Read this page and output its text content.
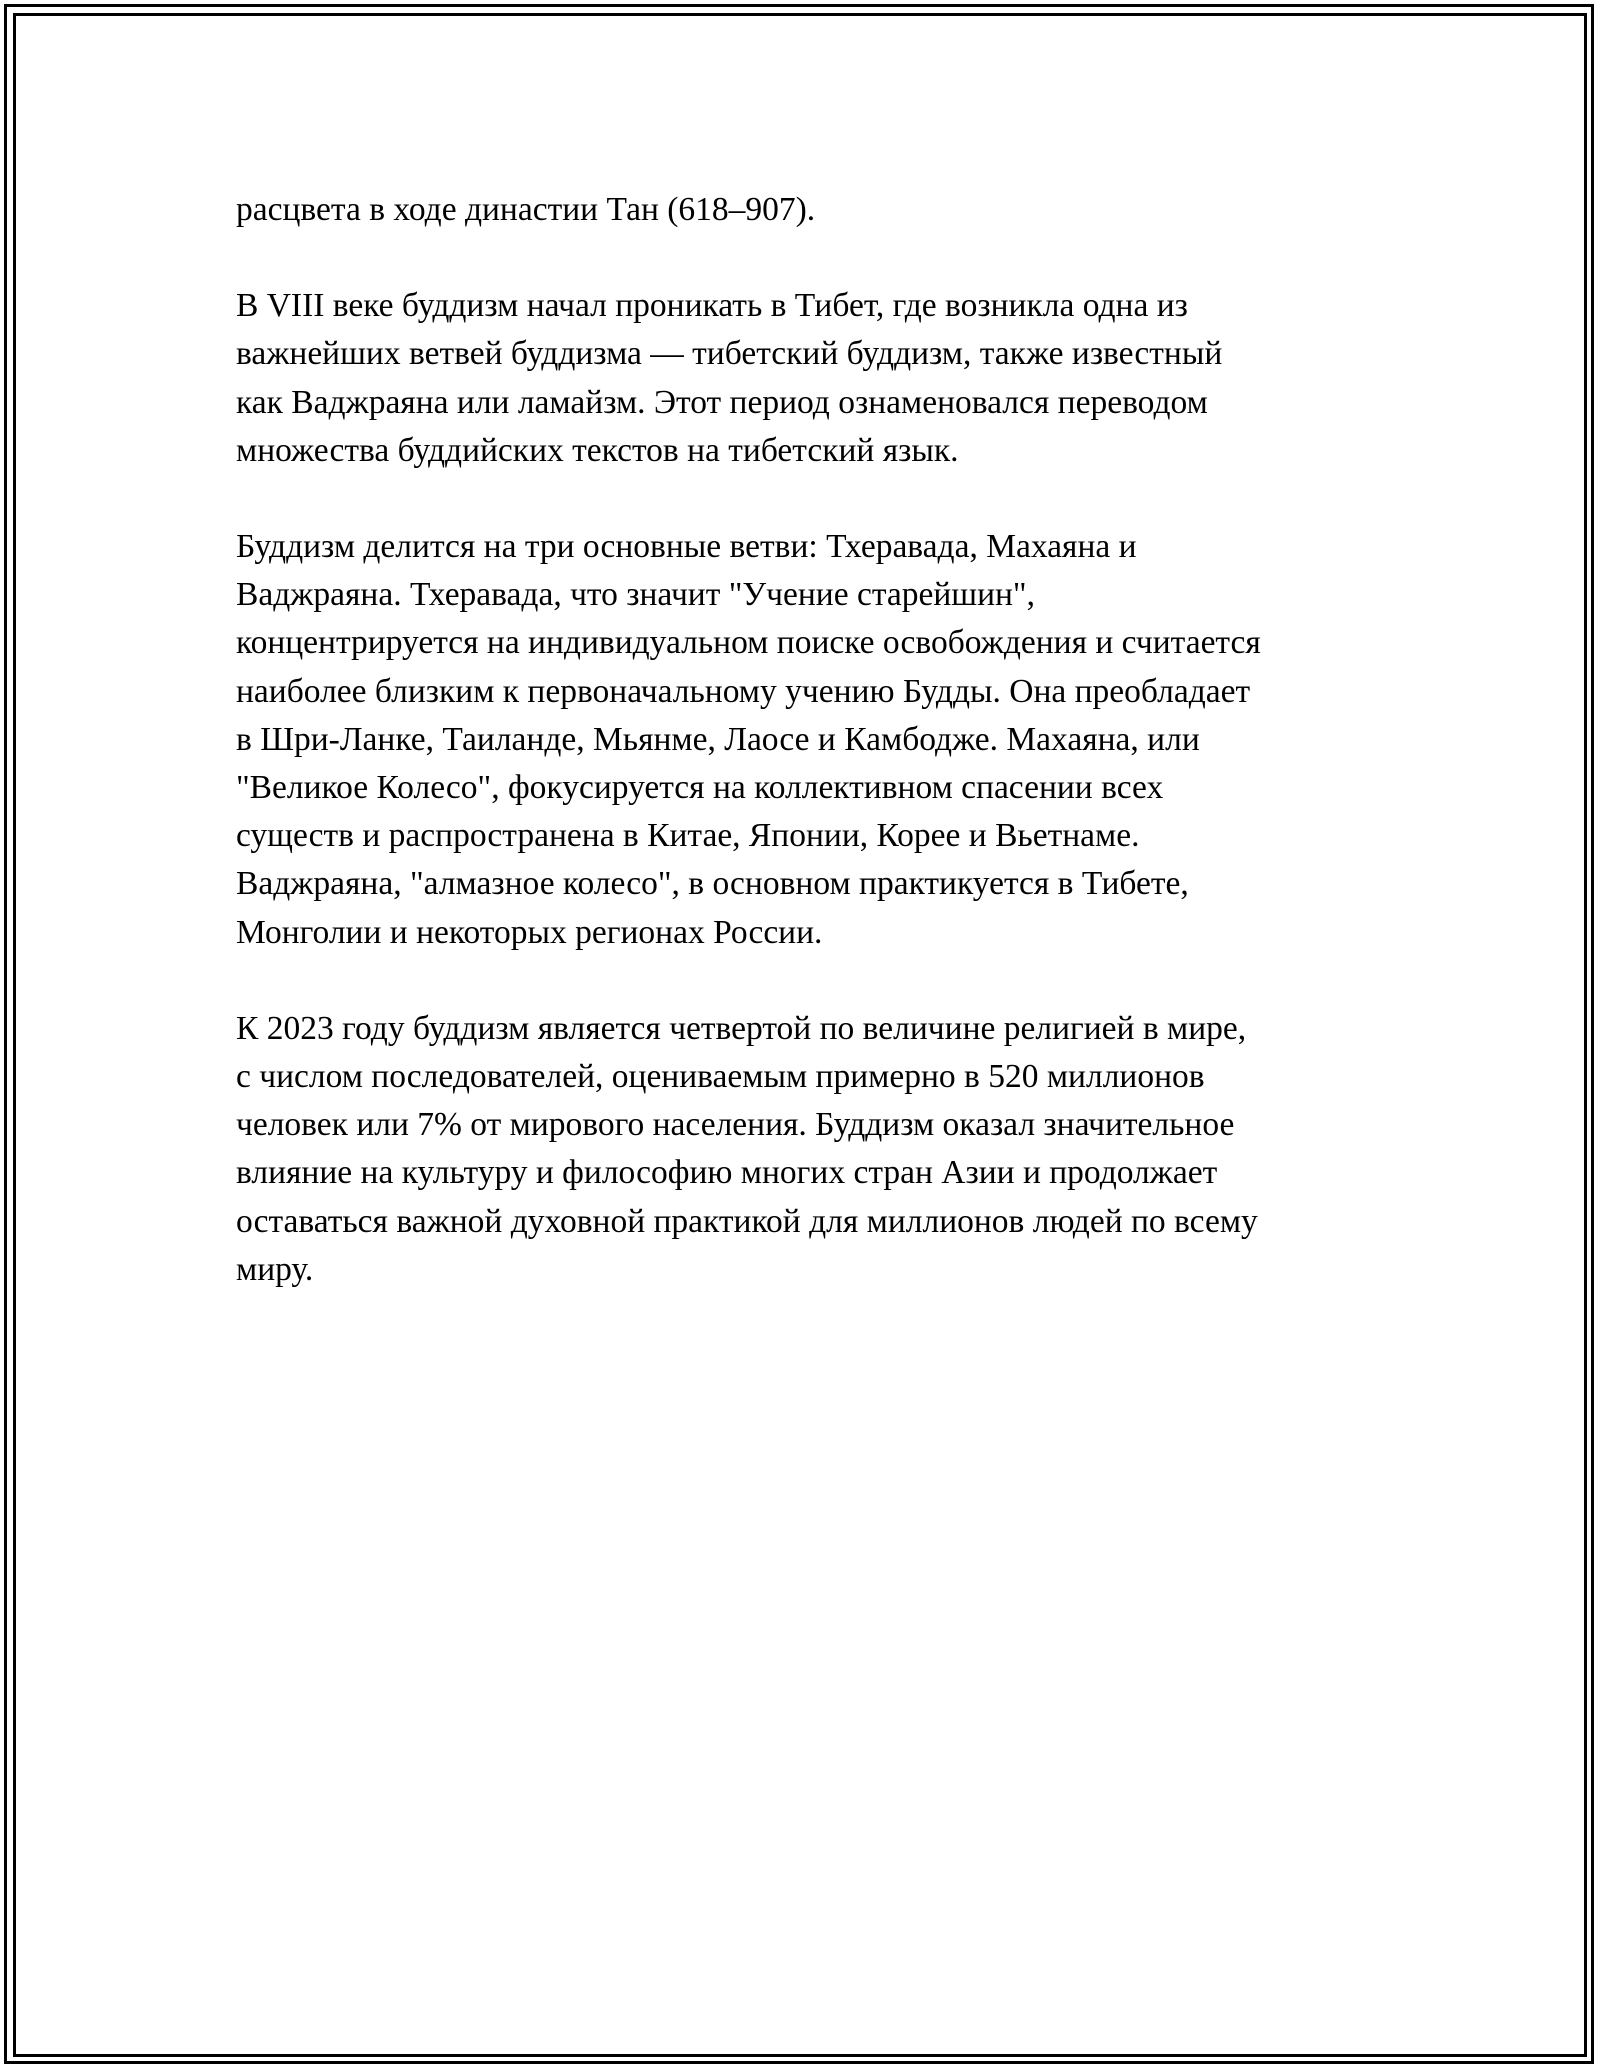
расцвета в ходе династии Тан (618–907).

В VIII веке буддизм начал проникать в Тибет, где возникла одна из
важнейших ветвей буддизма — тибетский буддизм, также известный
как Ваджраяна или ламайзм. Этот период ознаменовался переводом
множества буддийских текстов на тибетский язык.

Буддизм делится на три основные ветви: Тхеравада, Махаяна и
Ваджраяна. Тхеравада, что значит "Учение старейшин",
концентрируется на индивидуальном поиске освобождения и считается
наиболее близким к первоначальному учению Будды. Она преобладает
в Шри-Ланке, Таиланде, Мьянме, Лаосе и Камбодже. Махаяна, или
"Великое Колесо", фокусируется на коллективном спасении всех
существ и распространена в Китае, Японии, Корее и Вьетнаме.
Ваджраяна, "алмазное колесо", в основном практикуется в Тибете,
Монголии и некоторых регионах России.

К 2023 году буддизм является четвертой по величине религией в мире,
с числом последователей, оцениваемым примерно в 520 миллионов
человек или 7% от мирового населения. Буддизм оказал значительное
влияние на культуру и философию многих стран Азии и продолжает
оставаться важной духовной практикой для миллионов людей по всему
миру.
